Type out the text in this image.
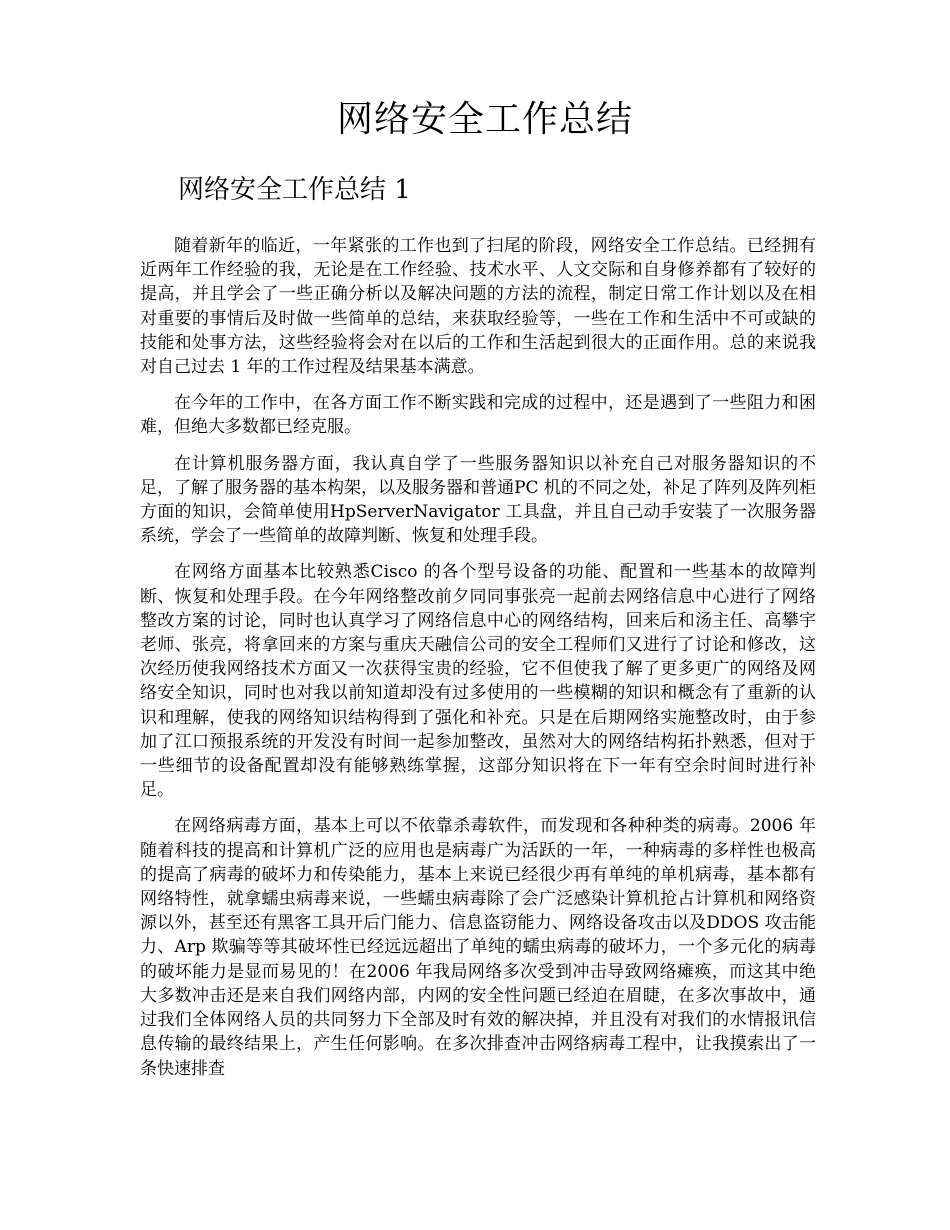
网络安全工作总结
网络安全工作总结 1

随着新年的临近，一年紧张的工作也到了扫尾的阶段，网络安全工作总结。已经拥有近两年工作经验的我，无论是在工作经验、技术水平、人文交际和自身修养都有了较好的提高，并且学会了一些正确分析以及解决问题的方法的流程，制定日常工作计划以及在相对重要的事情后及时做一些简单的总结，来获取经验等，一些在工作和生活中不可或缺的技能和处事方法，这些经验将会对在以后的工作和生活起到很大的正面作用。总的来说我对自己过去 1 年的工作过程及结果基本满意。

在今年的工作中，在各方面工作不断实践和完成的过程中，还是遇到了一些阻力和困难，但绝大多数都已经克服。

在计算机服务器方面，我认真自学了一些服务器知识以补充自己对服务器知识的不足，了解了服务器的基本构架，以及服务器和普通PC 机的不同之处，补足了阵列及阵列柜方面的知识，会简单使用HpServerNavigator 工具盘，并且自己动手安装了一次服务器系统，学会了一些简单的故障判断、恢复和处理手段。

在网络方面基本比较熟悉Cisco 的各个型号设备的功能、配置和一些基本的故障判断、恢复和处理手段。在今年网络整改前夕同同事张亮一起前去网络信息中心进行了网络整改方案的讨论，同时也认真学习了网络信息中心的网络结构，回来后和汤主任、高攀宇老师、张亮，将拿回来的方案与重庆天融信公司的安全工程师们又进行了讨论和修改，这次经历使我网络技术方面又一次获得宝贵的经验，它不但使我了解了更多更广的网络及网络安全知识，同时也对我以前知道却没有过多使用的一些模糊的知识和概念有了重新的认识和理解，使我的网络知识结构得到了强化和补充。只是在后期网络实施整改时，由于参加了江口预报系统的开发没有时间一起参加整改，虽然对大的网络结构拓扑熟悉，但对于一些细节的设备配置却没有能够熟练掌握，这部分知识将在下一年有空余时间时进行补足。

在网络病毒方面，基本上可以不依靠杀毒软件，而发现和各种种类的病毒。2006 年随着科技的提高和计算机广泛的应用也是病毒广为活跃的一年，一种病毒的多样性也极高的提高了病毒的破坏力和传染能力，基本上来说已经很少再有单纯的单机病毒，基本都有网络特性，就拿蠕虫病毒来说，一些蠕虫病毒除了会广泛感染计算机抢占计算机和网络资源以外，甚至还有黑客工具开后门能力、信息盗窃能力、网络设备攻击以及DDOS 攻击能力、Arp 欺骗等等其破坏性已经远远超出了单纯的蠕虫病毒的破坏力，一个多元化的病毒的破坏能力是显而易见的！在2006 年我局网络多次受到冲击导致网络瘫痪，而这其中绝大多数冲击还是来自我们网络内部，内网的安全性问题已经迫在眉睫，在多次事故中，通过我们全体网络人员的共同努力下全部及时有效的解决掉，并且没有对我们的水情报讯信息传输的最终结果上，产生任何影响。在多次排查冲击网络病毒工程中，让我摸索出了一条快速排查
